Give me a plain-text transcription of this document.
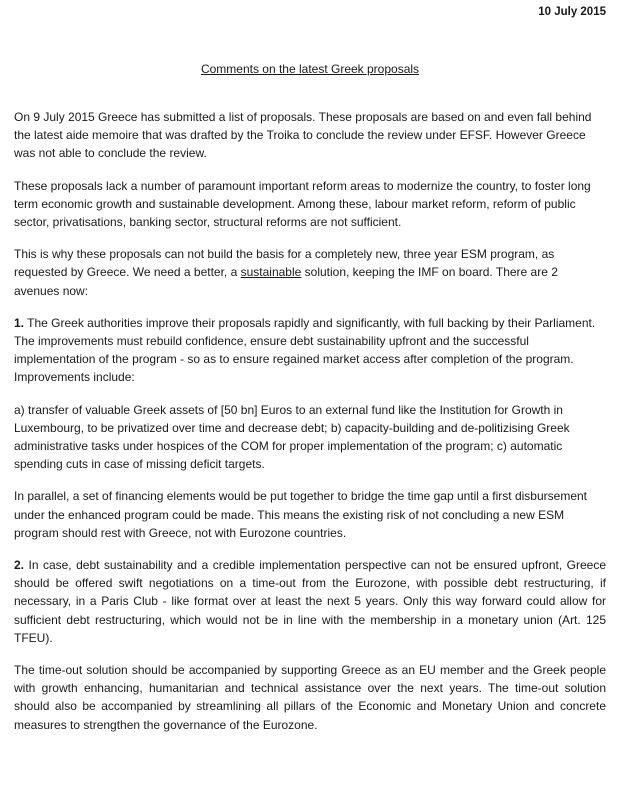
10 July 2015
Comments on the latest Greek proposals

On 9 July 2015 Greece has submitted a list of proposals. These proposals are based on and even fall behind the latest aide memoire that was drafted by the Troika to conclude the review under EFSF. However Greece was not able to conclude the review.

These proposals lack a number of paramount important reform areas to modernize the country, to foster long term economic growth and sustainable development. Among these, labour market reform, reform of public sector, privatisations, banking sector, structural reforms are not sufficient.

This is why these proposals can not build the basis for a completely new, three year ESM program, as requested by Greece. We need a better, a sustainable solution, keeping the IMF on board. There are 2 avenues now:

1. The Greek authorities improve their proposals rapidly and significantly, with full backing by their Parliament. The improvements must rebuild confidence, ensure debt sustainability upfront and the successful implementation of the program - so as to ensure regained market access after completion of the program. Improvements include:

a) transfer of valuable Greek assets of [50 bn] Euros to an external fund like the Institution for Growth in Luxembourg, to be privatized over time and decrease debt; b) capacity-building and de-politizising Greek administrative tasks under hospices of the COM for proper implementation of the program; c) automatic spending cuts in case of missing deficit targets.

In parallel, a set of financing elements would be put together to bridge the time gap until a first disbursement under the enhanced program could be made. This means the existing risk of not concluding a new ESM program should rest with Greece, not with Eurozone countries.

2. In case, debt sustainability and a credible implementation perspective can not be ensured upfront, Greece should be offered swift negotiations on a time-out from the Eurozone, with possible debt restructuring, if necessary, in a Paris Club - like format over at least the next 5 years. Only this way forward could allow for sufficient debt restructuring, which would not be in line with the membership in a monetary union (Art. 125 TFEU).

The time-out solution should be accompanied by supporting Greece as an EU member and the Greek people with growth enhancing, humanitarian and technical assistance over the next years. The time-out solution should also be accompanied by streamlining all pillars of the Economic and Monetary Union and concrete measures to strengthen the governance of the Eurozone.
